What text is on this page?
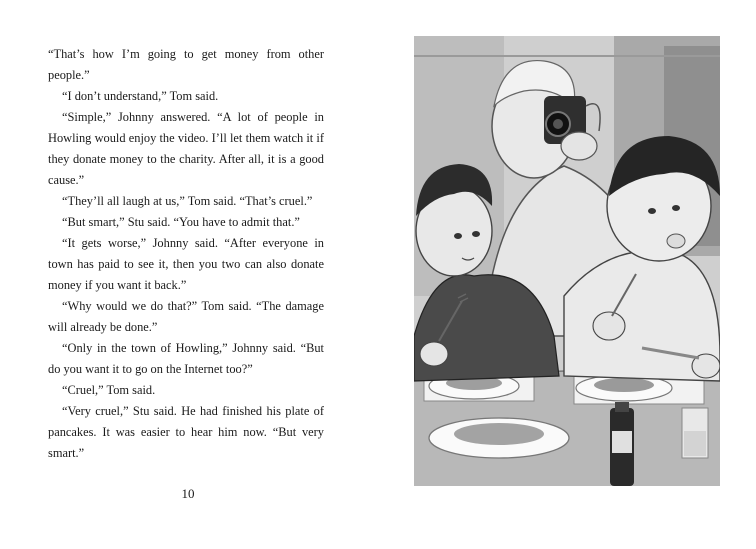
“That’s how I’m going to get money from other people.”

“I don’t understand,” Tom said.

“Simple,” Johnny answered. “A lot of people in Howling would enjoy the video. I’ll let them watch it if they donate money to the charity. After all, it is a good cause.”

“They’ll all laugh at us,” Tom said. “That’s cruel.”

“But smart,” Stu said. “You have to admit that.”

“It gets worse,” Johnny said. “After everyone in town has paid to see it, then you two can also donate money if you want it back.”

“Why would we do that?” Tom said. “The damage will already be done.”

“Only in the town of Howling,” Johnny said. “But do you want it to go on the Internet too?”

“Cruel,” Tom said.

“Very cruel,” Stu said. He had finished his plate of pancakes. It was easier to hear him now. “But very smart.”

10
